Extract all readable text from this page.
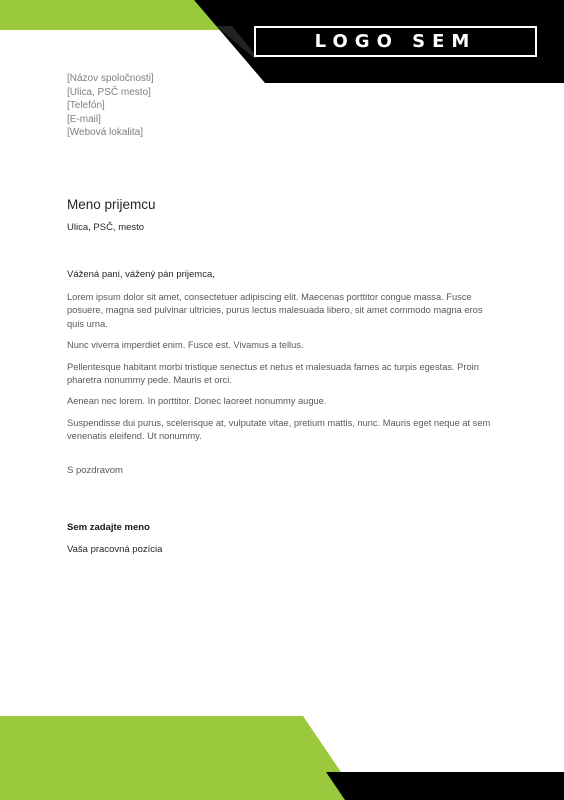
LOGO SEM
[Názov spoločnosti]
[Ulica, PSČ mesto]
[Telefón]
[E-mail]
[Webová lokalita]
Meno prijemcu
Ulica, PSČ, mesto
Vážená pani, vážený pán prijemca,

Lorem ipsum dolor sit amet, consectetuer adipiscing elit. Maecenas porttitor congue massa. Fusce posuere, magna sed pulvinar ultricies, purus lectus malesuada libero, sit amet commodo magna eros quis urna.

Nunc viverra imperdiet enim. Fusce est. Vivamus a tellus.

Pellentesque habitant morbi tristique senectus et netus et malesuada fames ac turpis egestas. Proin pharetra nonummy pede. Mauris et orci.

Aenean nec lorem. In porttitor. Donec laoreet nonummy augue.

Suspendisse dui purus, scelerisque at, vulputate vitae, pretium mattis, nunc. Mauris eget neque at sem venenatis eleifend. Ut nonummy.

S pozdravom
Sem zadajte meno
Vaša pracovná pozícia
